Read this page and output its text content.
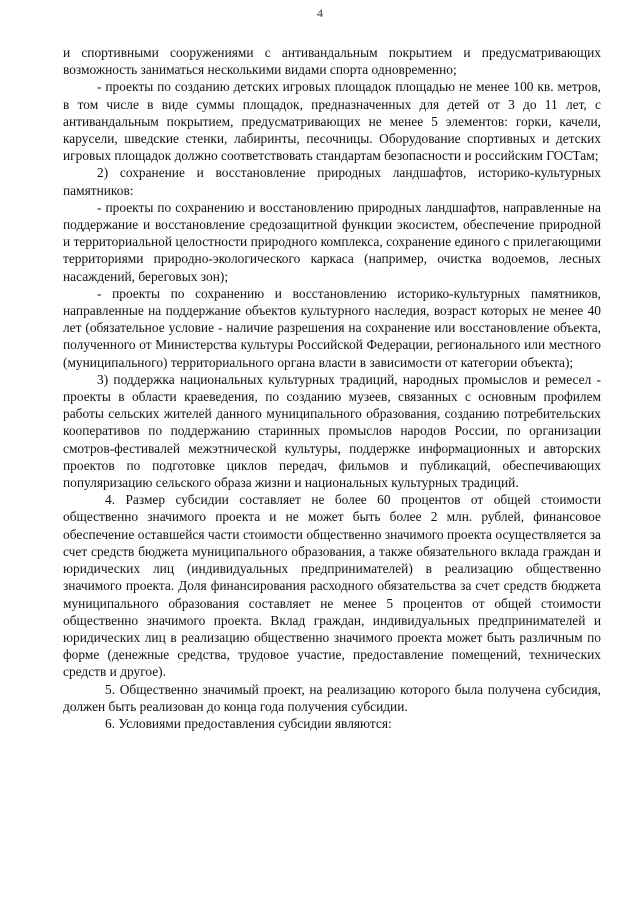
4

и спортивными сооружениями с антивандальным покрытием и предусматривающих возможность заниматься несколькими видами спорта одновременно;

- проекты по созданию детских игровых площадок площадью не менее 100 кв. метров, в том числе в виде суммы площадок, предназначенных для детей от 3 до 11 лет, с антивандальным покрытием, предусматривающих не менее 5 элементов: горки, качели, карусели, шведские стенки, лабиринты, песочницы. Оборудование спортивных и детских игровых площадок должно соответствовать стандартам безопасности и российским ГОСТам;

2) сохранение и восстановление природных ландшафтов, историко-культурных памятников:

- проекты по сохранению и восстановлению природных ландшафтов, направленные на поддержание и восстановление средозащитной функции экосистем, обеспечение природной и территориальной целостности природного комплекса, сохранение единого с прилегающими территориями природно-экологического каркаса (например, очистка водоемов, лесных насаждений, береговых зон);

- проекты по сохранению и восстановлению историко-культурных памятников, направленные на поддержание объектов культурного наследия, возраст которых не менее 40 лет (обязательное условие - наличие разрешения на сохранение или восстановление объекта, полученного от Министерства культуры Российской Федерации, регионального или местного (муниципального) территориального органа власти в зависимости от категории объекта);

3) поддержка национальных культурных традиций, народных промыслов и ремесел - проекты в области краеведения, по созданию музеев, связанных с основным профилем работы сельских жителей данного муниципального образования, созданию потребительских кооперативов по поддержанию старинных промыслов народов России, по организации смотров-фестивалей межэтнической культуры, поддержке информационных и авторских проектов по подготовке циклов передач, фильмов и публикаций, обеспечивающих популяризацию сельского образа жизни и национальных культурных традиций.

4. Размер субсидии составляет не более 60 процентов от общей стоимости общественно значимого проекта и не может быть более 2 млн. рублей, финансовое обеспечение оставшейся части стоимости общественно значимого проекта осуществляется за счет средств бюджета муниципального образования, а также обязательного вклада граждан и юридических лиц (индивидуальных предпринимателей) в реализацию общественно значимого проекта. Доля финансирования расходного обязательства за счет средств бюджета муниципального образования составляет не менее 5 процентов от общей стоимости общественно значимого проекта. Вклад граждан, индивидуальных предпринимателей и юридических лиц в реализацию общественно значимого проекта может быть различным по форме (денежные средства, трудовое участие, предоставление помещений, технических средств и другое).

5. Общественно значимый проект, на реализацию которого была получена субсидия, должен быть реализован до конца года получения субсидии.

6. Условиями предоставления субсидии являются:
